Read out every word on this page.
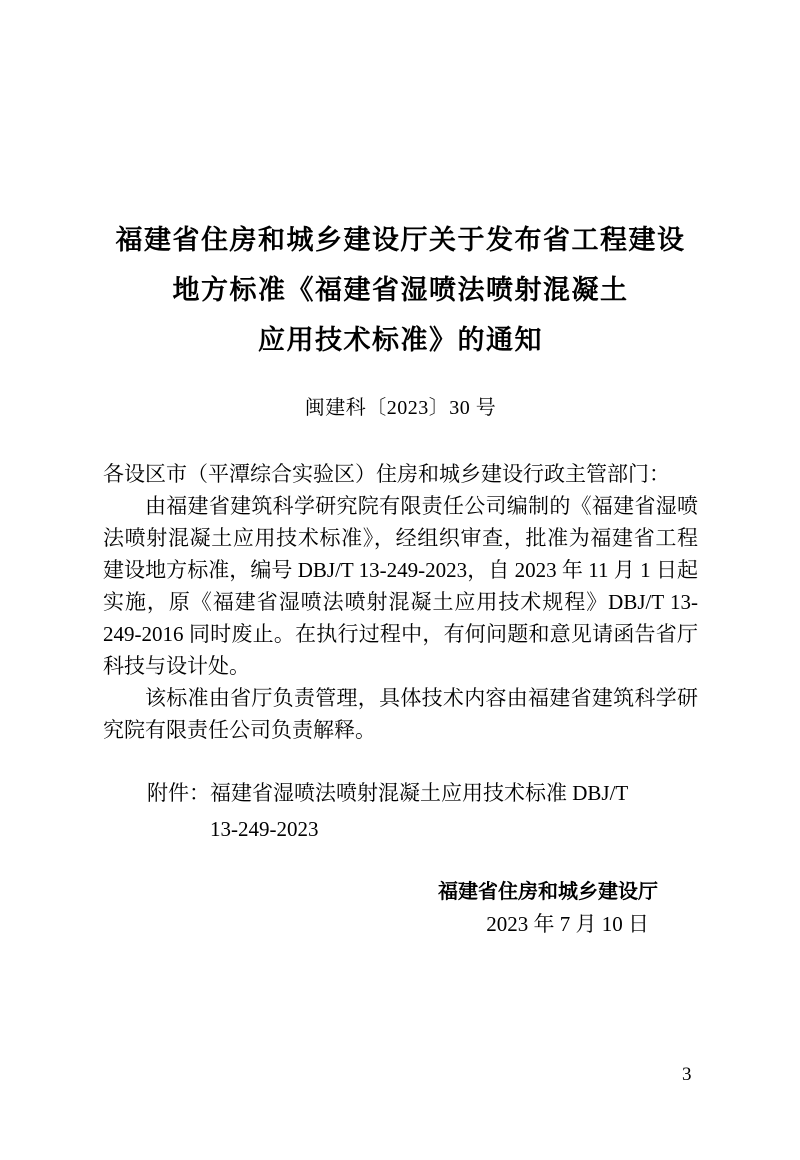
福建省住房和城乡建设厅关于发布省工程建设
地方标准《福建省湿喷法喷射混凝土
应用技术标准》的通知
闽建科〔2023〕30 号
各设区市（平潭综合实验区）住房和城乡建设行政主管部门：
由福建省建筑科学研究院有限责任公司编制的《福建省湿喷法喷射混凝土应用技术标准》，经组织审查，批准为福建省工程建设地方标准，编号 DBJ/T 13-249-2023，自 2023 年 11 月 1 日起实施，原《福建省湿喷法喷射混凝土应用技术规程》DBJ/T 13-249-2016 同时废止。在执行过程中，有何问题和意见请函告省厅科技与设计处。
该标准由省厅负责管理，具体技术内容由福建省建筑科学研究院有限责任公司负责解释。
附件： 福建省湿喷法喷射混凝土应用技术标准 DBJ/T
13-249-2023
福建省住房和城乡建设厅
2023 年 7 月 10 日
3
